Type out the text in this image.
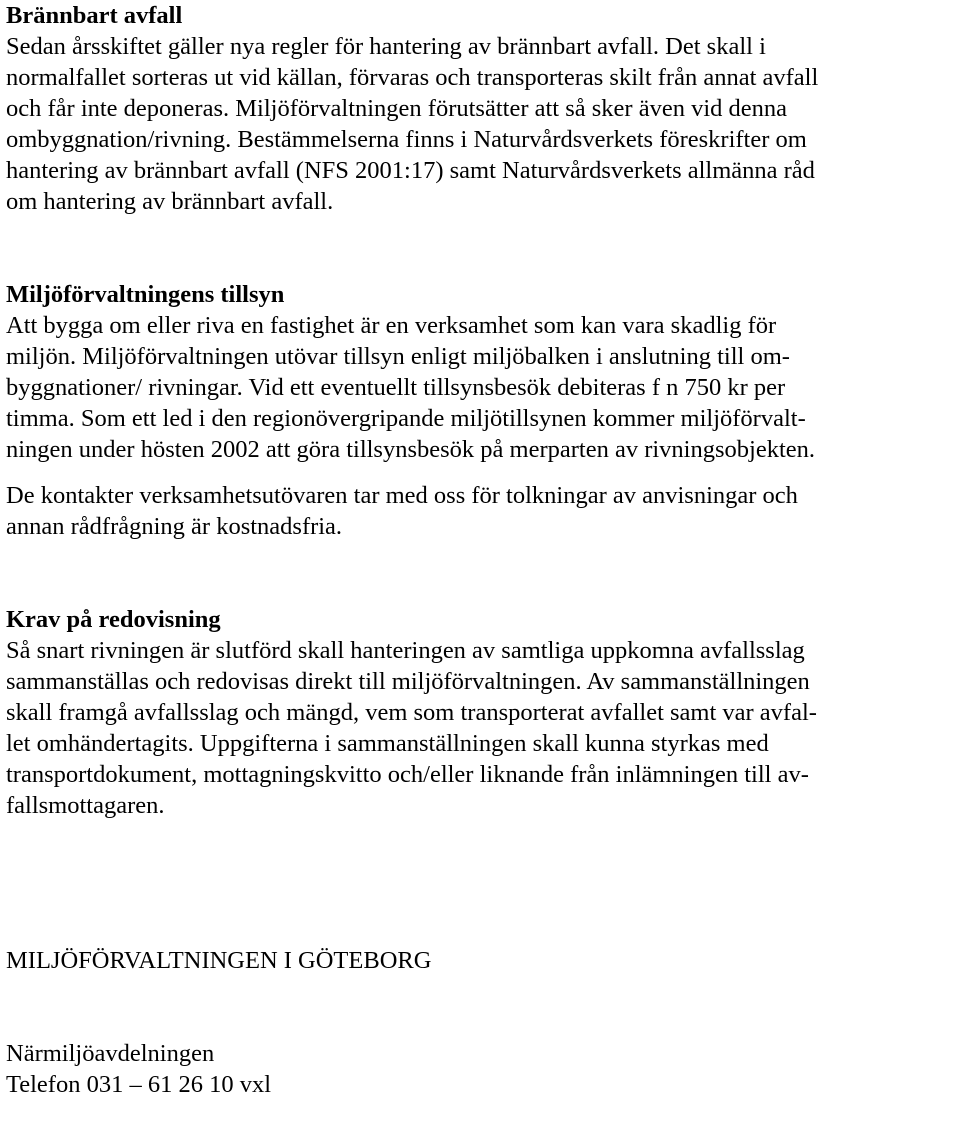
Brännbart avfall
Sedan årsskiftet gäller nya regler för hantering av brännbart avfall. Det skall i
normalfallet sorteras ut vid källan, förvaras och transporteras skilt från annat avfall
och får inte deponeras. Miljöförvaltningen förutsätter att så sker även vid denna
ombyggnation/rivning. Bestämmelserna finns i Naturvårdsverkets föreskrifter om
hantering av brännbart avfall (NFS 2001:17) samt Naturvårdsverkets allmänna råd
om hantering av brännbart avfall.
Miljöförvaltningens tillsyn
Att bygga om eller riva en fastighet är en verksamhet som kan vara skadlig för
miljön. Miljöförvaltningen utövar tillsyn enligt miljöbalken i anslutning till om-
byggnationer/ rivningar. Vid ett eventuellt tillsynsbesök debiteras f n 750 kr per
timma. Som ett led i den regionövergripande miljötillsynen kommer miljöförvalt-
ningen under hösten 2002 att göra tillsynsbesök på merparten av rivningsobjekten.
De kontakter verksamhetsutövaren tar med oss för tolkningar av anvisningar och
annan rådfrågning är kostnadsfria.
Krav på redovisning
Så snart rivningen är slutförd skall hanteringen av samtliga uppkomna avfallsslag
sammanställas och redovisas direkt till miljöförvaltningen. Av sammanställningen
skall framgå avfallsslag och mängd, vem som transporterat avfallet samt var avfal-
let omhändertagits. Uppgifterna i sammanställningen skall kunna styrkas med
transportdokument, mottagningskvitto och/eller liknande från inlämningen till av-
fallsmottagaren.
MILJÖFÖRVALTNINGEN I GÖTEBORG
Närmiljöavdelningen
Telefon 031 – 61 26 10 vxl
